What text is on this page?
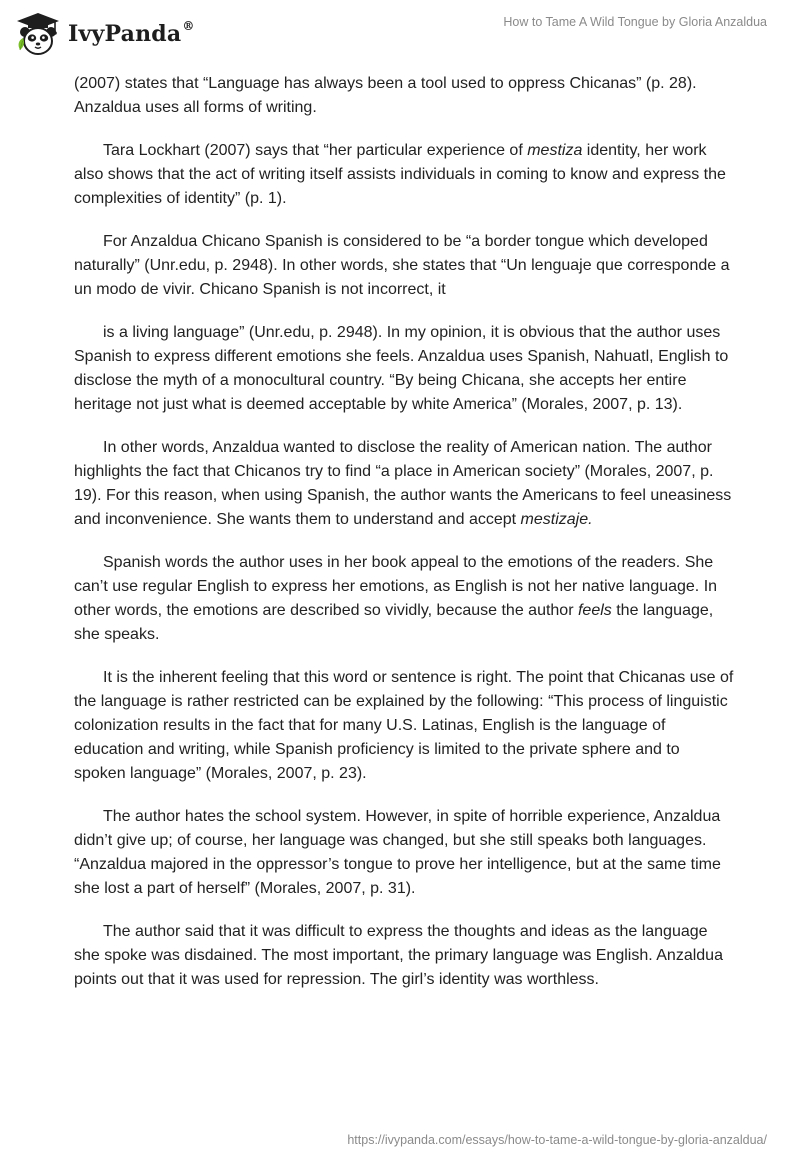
IvyPanda®	How to Tame A Wild Tongue by Gloria Anzaldua

(2007) states that “Language has always been a tool used to oppress Chicanas” (p. 28). Anzaldua uses all forms of writing.

Tara Lockhart (2007) says that “her particular experience of mestiza identity, her work also shows that the act of writing itself assists individuals in coming to know and express the complexities of identity” (p. 1).

For Anzaldua Chicano Spanish is considered to be “a border tongue which developed naturally” (Unr.edu, p. 2948). In other words, she states that “Un lenguaje que corresponde a un modo de vivir. Chicano Spanish is not incorrect, it

is a living language” (Unr.edu, p. 2948). In my opinion, it is obvious that the author uses Spanish to express different emotions she feels. Anzaldua uses Spanish, Nahuatl, English to disclose the myth of a monocultural country. “By being Chicana, she accepts her entire heritage not just what is deemed acceptable by white America” (Morales, 2007, p. 13).

In other words, Anzaldua wanted to disclose the reality of American nation. The author highlights the fact that Chicanos try to find “a place in American society” (Morales, 2007, p. 19). For this reason, when using Spanish, the author wants the Americans to feel uneasiness and inconvenience. She wants them to understand and accept mestizaje.

Spanish words the author uses in her book appeal to the emotions of the readers. She can’t use regular English to express her emotions, as English is not her native language. In other words, the emotions are described so vividly, because the author feels the language, she speaks.

It is the inherent feeling that this word or sentence is right. The point that Chicanas use of the language is rather restricted can be explained by the following: “This process of linguistic colonization results in the fact that for many U.S. Latinas, English is the language of education and writing, while Spanish proficiency is limited to the private sphere and to spoken language” (Morales, 2007, p. 23).

The author hates the school system. However, in spite of horrible experience, Anzaldua didn’t give up; of course, her language was changed, but she still speaks both languages. “Anzaldua majored in the oppressor’s tongue to prove her intelligence, but at the same time she lost a part of herself” (Morales, 2007, p. 31).

The author said that it was difficult to express the thoughts and ideas as the language she spoke was disdained. The most important, the primary language was English. Anzaldua points out that it was used for repression. The girl’s identity was worthless.

https://ivypanda.com/essays/how-to-tame-a-wild-tongue-by-gloria-anzaldua/
